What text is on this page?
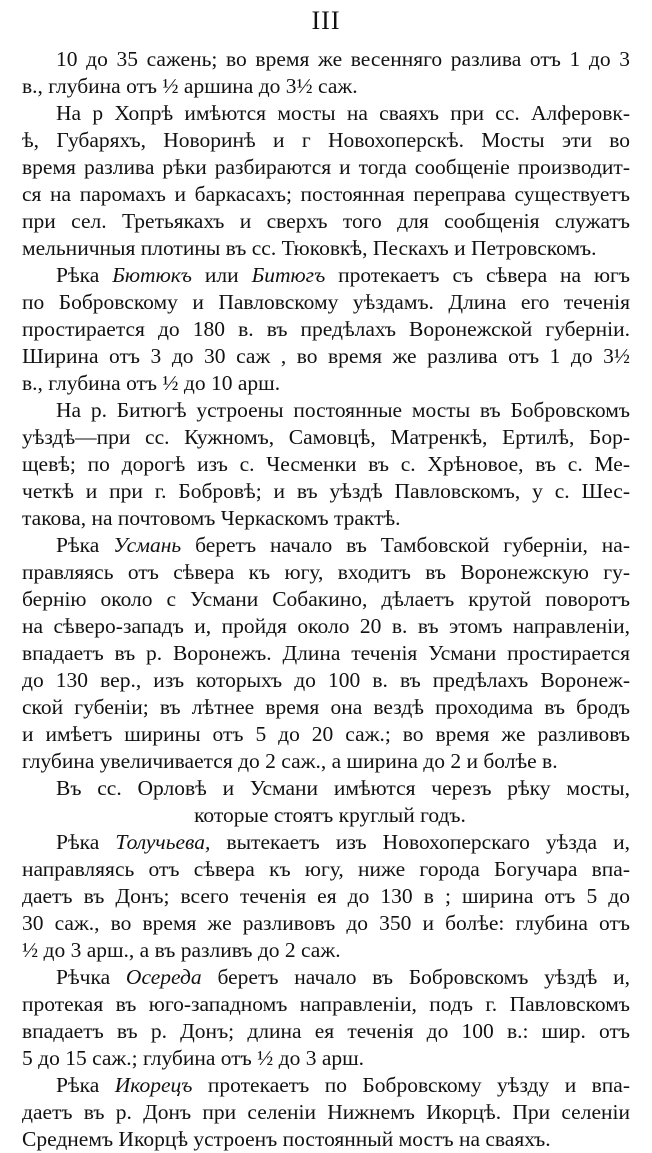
III
10 до 35 сажень; во время же весенняго разлива отъ 1 до 3
в., глубина отъ ½ аршина до 3½ саж.
На р Хопрѣ имѣются мосты на сваяхъ при сс. Алферовк-
ѣ, Губаряхъ, Новоринѣ и г Новохоперскѣ. Мосты эти во
время разлива рѣки разбираются и тогда сообщеніе производит-
ся на паромахъ и баркасахъ; постоянная переправа существуетъ
при сел. Третьякахъ и сверхъ того для сообщенія служатъ
мельничныя плотины въ сс. Тюковкѣ, Пескахъ и Петровскомъ.
Рѣка Бютюкъ или Битюгъ протекаетъ съ сѣвера на югъ
по Бобровскому и Павловскому уѣздамъ. Длина его теченія
простирается до 180 в. въ предѣлахъ Воронежской губерніи.
Ширина отъ 3 до 30 саж , во время же разлива отъ 1 до 3½
в., глубина отъ ½ до 10 арш.
На р. Битюгѣ устроены постоянные мосты въ Бобровскомъ
уѣздѣ—при сс. Кужномъ, Самовцѣ, Матренкѣ, Ертилѣ, Бор-
щевѣ; по дорогѣ изъ с. Чесменки въ с. Хрѣновое, въ с. Ме-
четкѣ и при г. Бобровѣ; и въ уѣздѣ Павловскомъ, у с. Шес-
такова, на почтовомъ Черкаскомъ трактѣ.
Рѣка Усмань беретъ начало въ Тамбовской губерніи, на-
правляясь отъ сѣвера къ югу, входитъ въ Воронежскую гу-
бернію около с Усмани Собакино, дѣлаетъ крутой поворотъ
на сѣверо-западъ и, пройдя около 20 в. въ этомъ направленіи,
впадаетъ въ р. Воронежъ. Длина теченія Усмани простирается
до 130 вер., изъ которыхъ до 100 в. въ предѣлахъ Воронеж-
ской губеніи; въ лѣтнее время она вездѣ проходима въ бродъ
и имѣетъ ширины отъ 5 до 20 саж.; во время же разливовъ
глубина увеличивается до 2 саж., а ширина до 2 и болѣе в.
Въ сс. Орловѣ и Усмани имѣются черезъ рѣку мосты,
которые стоятъ круглый годъ.
Рѣка Толучьева, вытекаетъ изъ Новохоперскаго уѣзда и,
направляясь отъ сѣвера къ югу, ниже города Богучара впа-
даетъ въ Донъ; всего теченія ея до 130 в ; ширина отъ 5 до
30 саж., во время же разливовъ до 350 и болѣе: глубина отъ
½ до 3 арш., а въ разливъ до 2 саж.
Рѣчка Осереда беретъ начало въ Бобровскомъ уѣздѣ и,
протекая въ юго-западномъ направленіи, подъ г. Павловскомъ
впадаетъ въ р. Донъ; длина ея теченія до 100 в.: шир. отъ
5 до 15 саж.; глубина отъ ½ до 3 арш.
Рѣка Икорецъ протекаетъ по Бобровскому уѣзду и впа-
даетъ въ р. Донъ при селеніи Нижнемъ Икорцѣ. При селеніи
Среднемъ Икорцѣ устроенъ постоянный мостъ на сваяхъ.
